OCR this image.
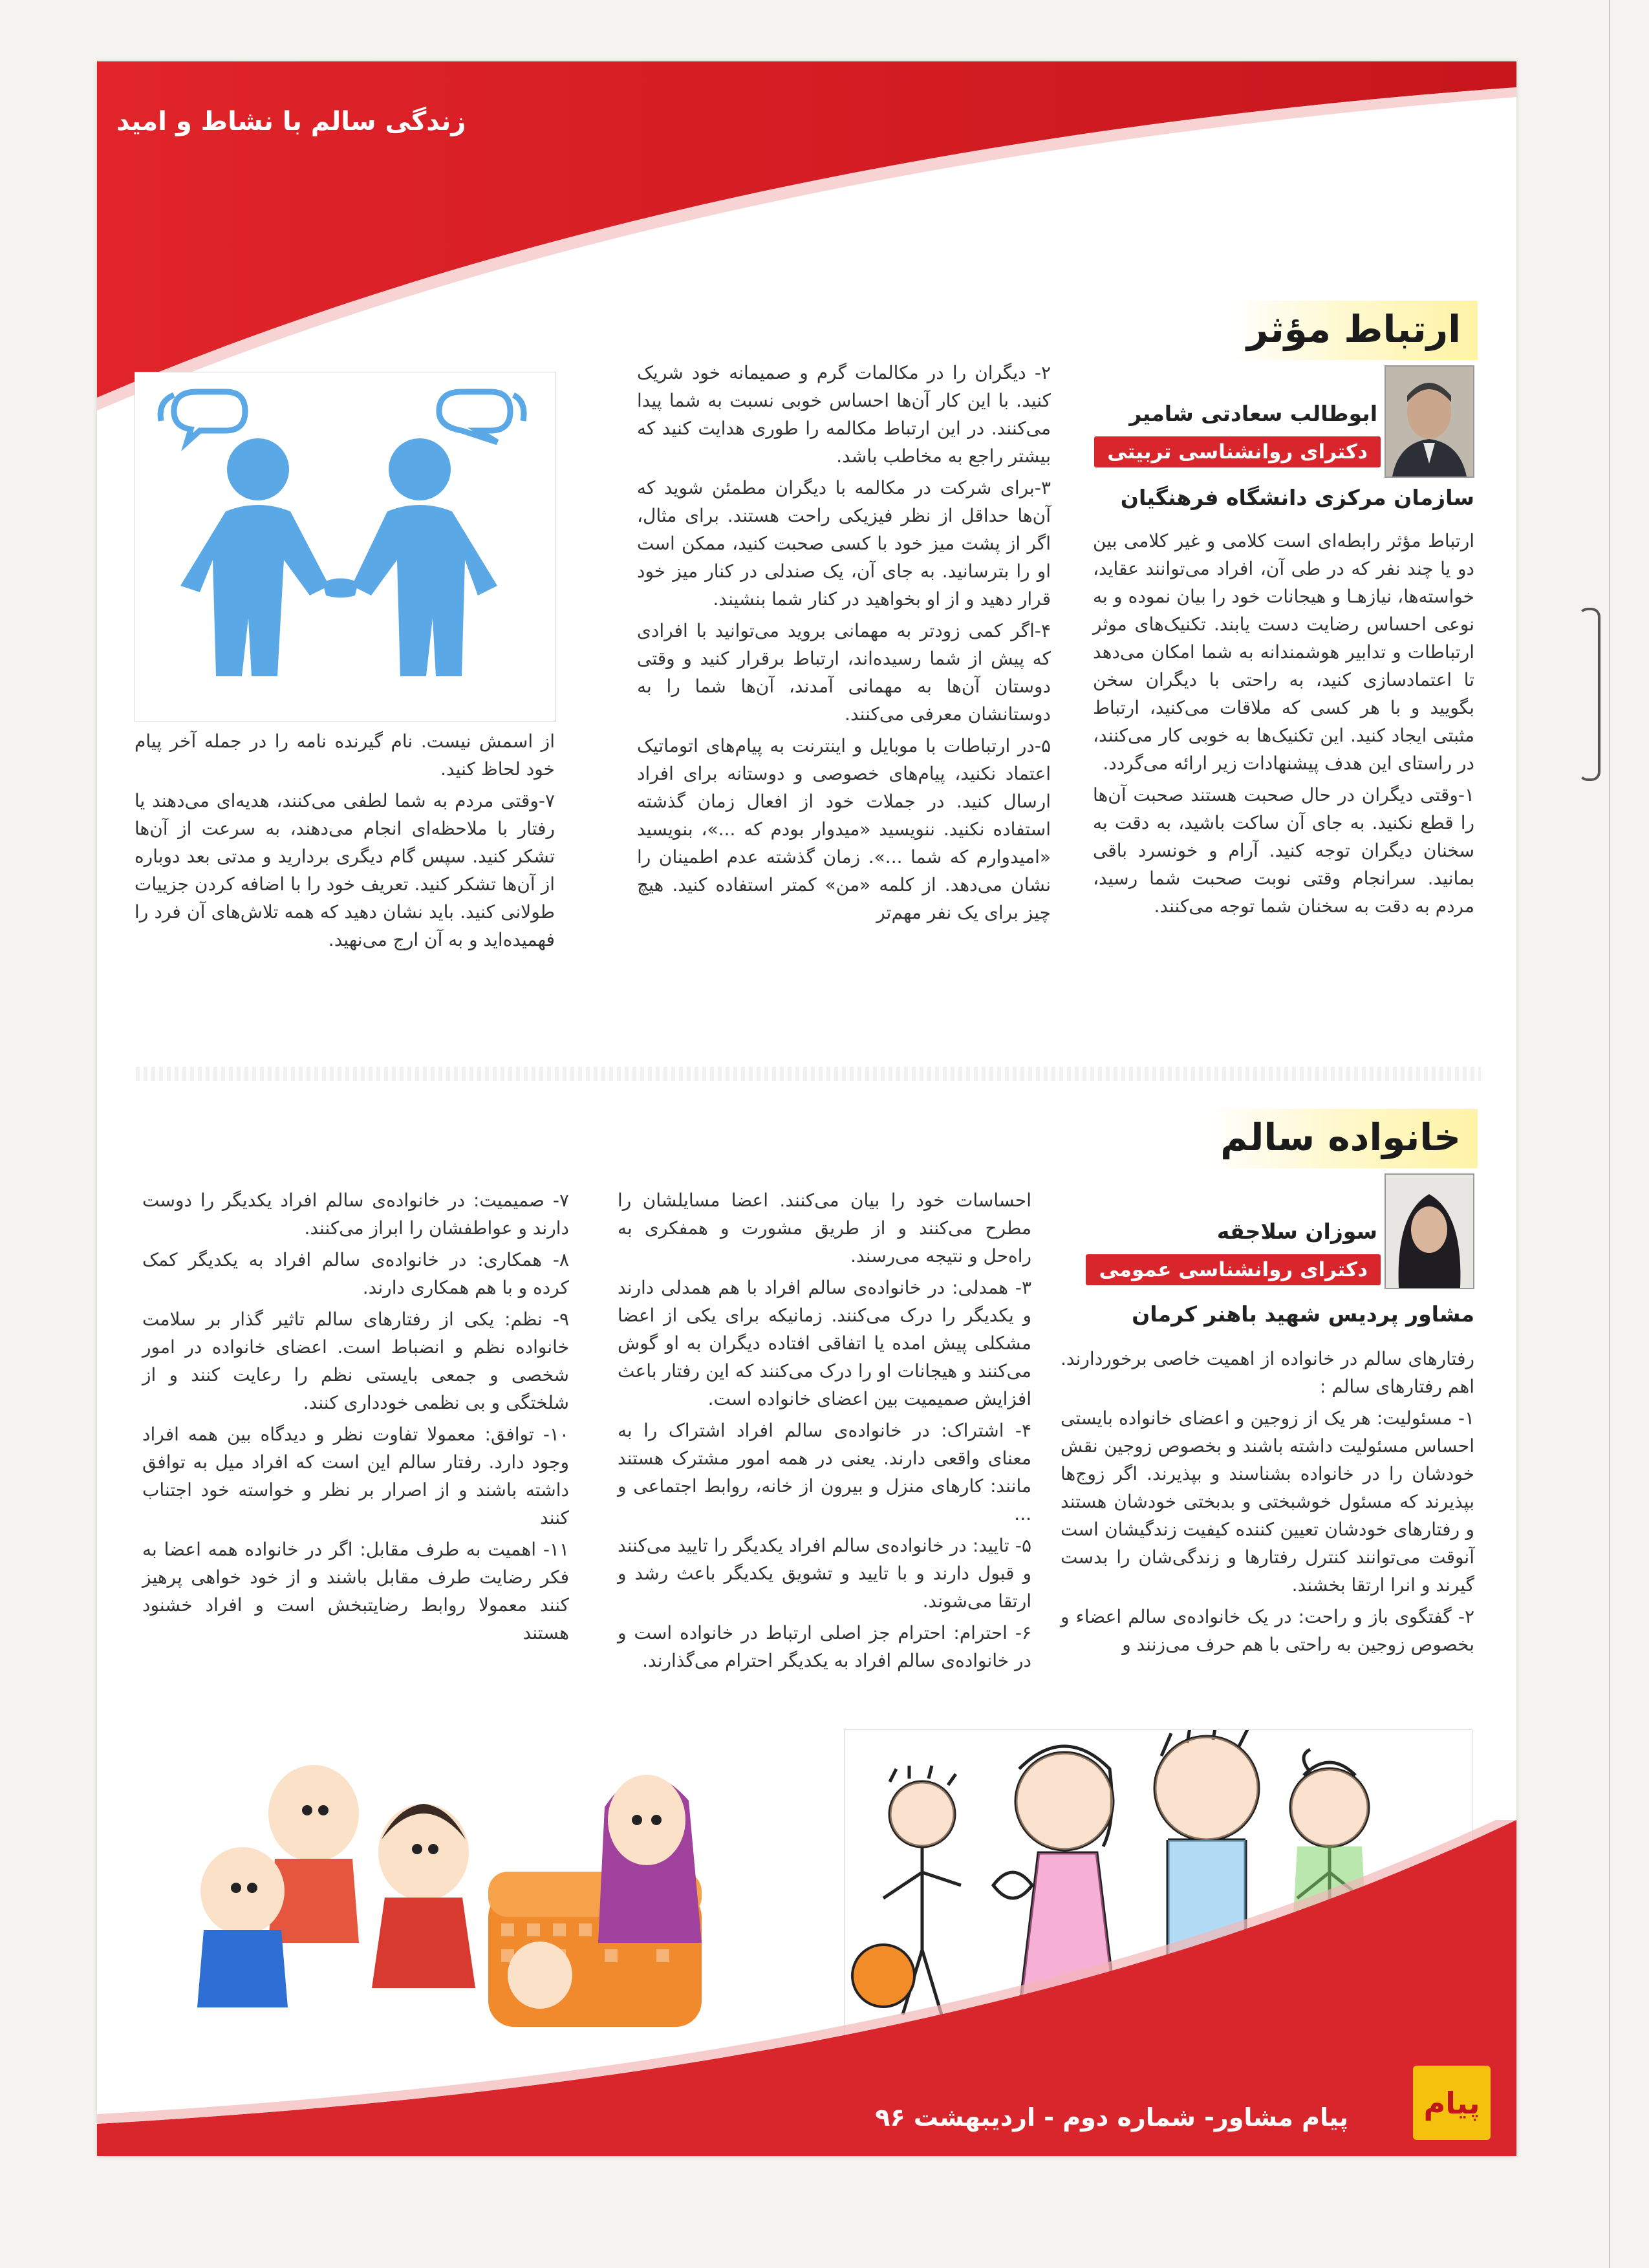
زندگی سالم با نشاط و امید
ارتباط مؤثر
ابوطالب سعادتی شامیر
دکترای روانشناسی تربیتی
سازمان مرکزی دانشگاه فرهنگیان

ارتباط مؤثر رابطه‌ای است کلامی و غیر کلامی بین دو یا چند نفر که در طی آن، افراد می‌توانند عقاید، خواسته‌ها، نیازهـا و هیجانات خود را بیان نموده و به نوعی احساس رضایت دست یابند. تکنیک‌های موثر ارتباطات و تدابیر هوشمندانه به شما امکان می‌دهد تا اعتمادسازی کنید، به راحتی با دیگران سخن بگویید و با هر کسی که ملاقات می‌کنید، ارتباط مثبتی ایجاد کنید. این تکنیک‌ها به خوبی کار می‌کنند، در راستای این هدف پیشنهادات زیر ارائه می‌گردد.

۱-وقتی دیگران در حال صحبت هستند صحبت آن‌ها را قطع نکنید. به جای آن ساکت باشید، به دقت به سخنان دیگران توجه کنید. آرام و خونسرد باقی بمانید. سرانجام وقتی نوبت صحبت شما رسید، مردم به دقت به سخنان شما توجه می‌کنند.

۲- دیگران را در مکالمات گرم و صمیمانه خود شریک کنید. با این کار آن‌ها احساس خوبی نسبت به شما پیدا می‌کنند. در این ارتباط مکالمه را طوری هدایت کنید که بیشتر راجع به مخاطب باشد.

۳-برای شرکت در مکالمه با دیگران مطمئن شوید که آن‌ها حداقل از نظر فیزیکی راحت هستند. برای مثال، اگر از پشت میز خود با کسی صحبت کنید، ممکن است او را بترسانید. به جای آن، یک صندلی در کنار میز خود قرار دهید و از او بخواهید در کنار شما بنشیند.

۴-اگر کمی زودتر به مهمانی بروید می‌توانید با افرادی که پیش از شما رسیده‌اند، ارتباط برقرار کنید و وقتی دوستان آن‌ها به مهمانی آمدند، آن‌ها شما را به دوستانشان معرفی می‌کنند.

۵-در ارتباطات با موبایل و اینترنت به پیام‌های اتوماتیک اعتماد نکنید، پیام‌های خصوصی و دوستانه برای افراد ارسال کنید. در جملات خود از افعال زمان گذشته استفاده نکنید. ننویسید «میدوار بودم که ...»، بنویسید «امیدوارم که شما ...». زمان گذشته عدم اطمینان را نشان می‌دهد. از کلمه «من» کمتر استفاده کنید. هیچ چیز برای یک نفر مهم‌تر

از اسمش نیست. نام گیرنده نامه را در جمله آخر پیام خود لحاظ کنید.

۷-وقتی مردم به شما لطفی می‌کنند، هدیه‌ای می‌دهند یا رفتار با ملاحظه‌ای انجام می‌دهند، به سرعت از آن‌ها تشکر کنید. سپس گام دیگری بردارید و مدتی بعد دوباره از آن‌ها تشکر کنید. تعریف خود را با اضافه کردن جزییات طولانی کنید. باید نشان دهید که همه تلاش‌های آن فرد را فهمیده‌اید و به آن ارج می‌نهید.

خانواده سالم
سوزان سلاجقه
دکترای روانشناسی عمومی
مشاور پردیس شهید باهنر کرمان

رفتارهای سالم در خانواده از اهمیت خاصی برخوردارند. اهم رفتارهای سالم :

۱- مسئولیت: هر یک از زوجین و اعضای خانواده بایستی احساس مسئولیت داشته باشند و بخصوص زوجین نقش خودشان را در خانواده بشناسند و بپذیرند. اگر زوج‌ها بپذیرند که مسئول خوشبختی و بدبختی خودشان هستند و رفتارهای خودشان تعیین کننده کیفیت زندگیشان است آنوقت می‌توانند کنترل رفتارها و زندگی‌شان را بدست گیرند و انرا ارتقا بخشند.

۲- گفتگوی باز و راحت: در یک خانواده‌ی سالم اعضاء و بخصوص زوجین به راحتی با هم حرف می‌زنند و

احساسات خود را بیان می‌کنند. اعضا مسایلشان را مطرح می‌کنند و از طریق مشورت و همفکری به راه‌حل و نتیجه می‌رسند.

۳- همدلی: در خانواده‌ی سالم افراد با هم همدلی دارند و یکدیگر را درک می‌کنند. زمانیکه برای یکی از اعضا مشکلی پیش امده یا اتفاقی افتاده دیگران به او گوش می‌کنند و هیجانات او را درک می‌کنند که این رفتار باعث افزایش صمیمیت بین اعضای خانواده است.

۴- اشتراک: در خانواده‌ی سالم افراد اشتراک را به معنای واقعی دارند. یعنی در همه امور مشترک هستند مانند: کارهای منزل و بیرون از خانه، روابط اجتماعی و ...

۵- تایید: در خانواده‌ی سالم افراد یکدیگر را تایید می‌کنند و قبول دارند و با تایید و تشویق یکدیگر باعث رشد و ارتقا می‌شوند.

۶- احترام: احترام جز اصلی ارتباط در خانواده است و در خانواده‌ی سالم افراد به یکدیگر احترام می‌گذارند.

۷- صمیمیت: در خانواده‌ی سالم افراد یکدیگر را دوست دارند و عواطفشان را ابراز می‌کنند.

۸- همکاری: در خانواده‌ی سالم افراد به یکدیگر کمک کرده و با هم همکاری دارند.

۹- نظم: یکی از رفتارهای سالم تاثیر گذار بر سلامت خانواده نظم و انضباط است. اعضای خانواده در امور شخصی و جمعی بایستی نظم را رعایت کنند و از شلختگی و بی نظمی خودداری کنند.

۱۰- توافق: معمولا تفاوت نظر و دیدگاه بین همه افراد وجود دارد. رفتار سالم این است که افراد میل به توافق داشته باشند و از اصرار بر نظر و خواسته خود اجتناب کنند

۱۱- اهمیت به طرف مقابل: اگر در خانواده همه اعضا به فکر رضایت طرف مقابل باشند و از خود خواهی پرهیز کنند معمولا روابط رضایتبخش است و افراد خشنود هستند

پیام مشاور- شماره دوم - اردیبهشت ۹۶	پیام
